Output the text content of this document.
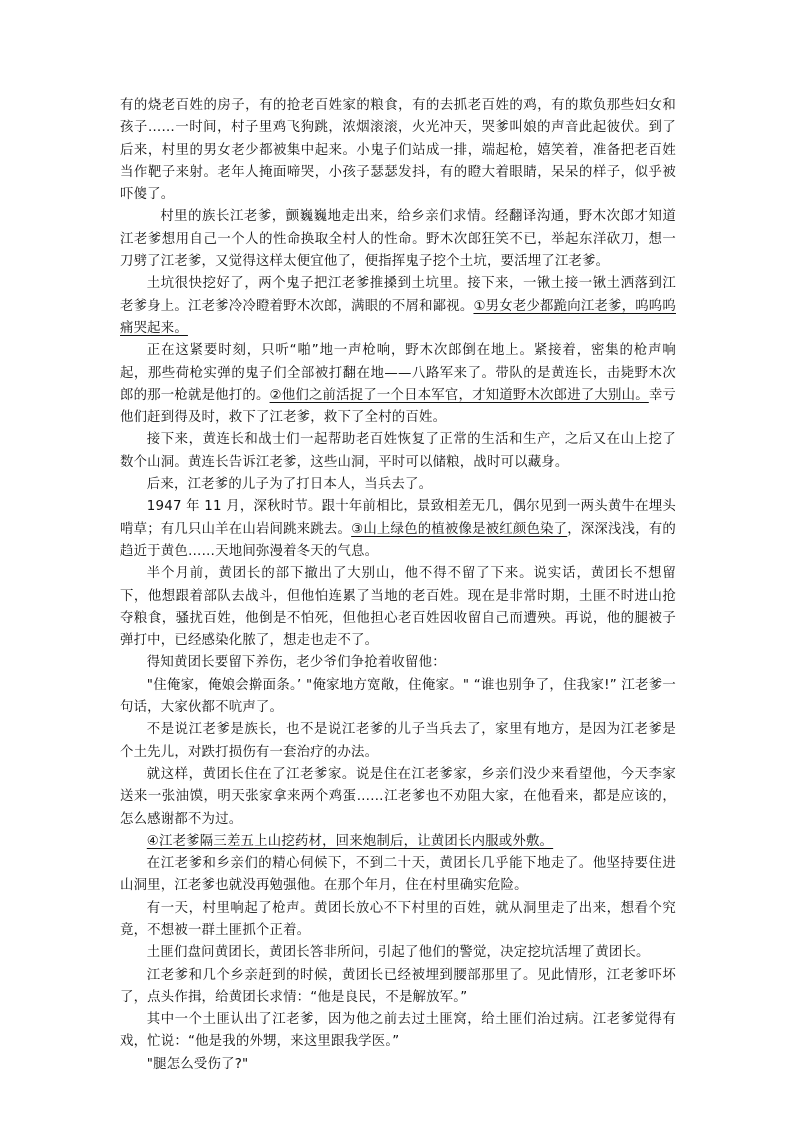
有的烧老百姓的房子，有的抢老百姓家的粮食，有的去抓老百姓的鸡，有的欺负那些妇女和孩子……一时间，村子里鸡飞狗跳，浓烟滚滚，火光冲天，哭爹叫娘的声音此起彼伏。到了后来，村里的男女老少都被集中起来。小鬼子们站成一排，端起枪，嬉笑着，准备把老百姓当作靶子来射。老年人掩面啼哭，小孩子瑟瑟发抖，有的瞪大着眼睛，呆呆的样子，似乎被吓傻了。

村里的族长江老爹，颤巍巍地走出来，给乡亲们求情。经翻译沟通，野木次郎才知道江老爹想用自己一个人的性命换取全村人的性命。野木次郎狂笑不已，举起东洋砍刀，想一刀劈了江老爹，又觉得这样太便宜他了，便指挥鬼子挖个土坑，要活埋了江老爹。

土坑很快挖好了，两个鬼子把江老爹推搡到土坑里。接下来，一锹土接一锹土洒落到江老爹身上。江老爹冷冷瞪着野木次郎，满眼的不屑和鄙视。①男女老少都跪向江老爹，呜呜呜痛哭起来。

正在这紧要时刻，只听“啪”地一声枪响，野木次郎倒在地上。紧接着，密集的枪声响起，那些荷枪实弹的鬼子们全部被打翻在地——八路军来了。带队的是黄连长，击毙野木次郎的那一枪就是他打的。②他们之前活捉了一个日本军官，才知道野木次郎进了大别山。幸亏他们赶到得及时，救下了江老爹，救下了全村的百姓。

接下来，黄连长和战士们一起帮助老百姓恢复了正常的生活和生产，之后又在山上挖了数个山洞。黄连长告诉江老爹，这些山洞，平时可以储粮，战时可以藏身。

后来，江老爹的儿子为了打日本人，当兵去了。

1947 年 11 月，深秋时节。跟十年前相比，景致相差无几，偶尔见到一两头黄牛在埋头啃草；有几只山羊在山岩间跳来跳去。③山上绿色的植被像是被红颜色染了，深深浅浅，有的趋近于黄色……天地间弥漫着冬天的气息。

半个月前，黄团长的部下撤出了大别山，他不得不留了下来。说实话，黄团长不想留下，他想跟着部队去战斗，但他怕连累了当地的老百姓。现在是非常时期，土匪不时进山抢夺粮食，骚扰百姓，他倒是不怕死，但他担心老百姓因收留自己而遭殃。再说，他的腿被子弹打中，已经感染化脓了，想走也走不了。

得知黄团长要留下养伤，老少爷们争抢着收留他：

"住俺家，俺娘会擀面条。’ "俺家地方宽敞，住俺家。" “谁也别争了，住我家!” 江老爹一句话，大家伙都不吭声了。

不是说江老爹是族长，也不是说江老爹的儿子当兵去了，家里有地方，是因为江老爹是个土先儿，对跌打损伤有一套治疗的办法。

就这样，黄团长住在了江老爹家。说是住在江老爹家，乡亲们没少来看望他，今天李家送来一张油馍，明天张家拿来两个鸡蛋……江老爹也不劝阻大家，在他看来，都是应该的，怎么感谢都不为过。

④江老爹隔三差五上山挖药材，回来炮制后，让黄团长内服或外敷。

在江老爹和乡亲们的精心伺候下，不到二十天，黄团长几乎能下地走了。他坚持要住进山洞里，江老爹也就没再勉强他。在那个年月，住在村里确实危险。

有一天，村里响起了枪声。黄团长放心不下村里的百姓，就从洞里走了出来，想看个究竟，不想被一群土匪抓个正着。

土匪们盘问黄团长，黄团长答非所问，引起了他们的警觉，决定挖坑活埋了黄团长。

江老爹和几个乡亲赶到的时候，黄团长已经被埋到腰部那里了。见此情形，江老爹吓坏了，点头作揖，给黄团长求情：“他是良民，不是解放军。”

其中一个土匪认出了江老爹，因为他之前去过土匪窝，给土匪们治过病。江老爹觉得有戏，忙说：“他是我的外甥，来这里跟我学医。”

"腿怎么受伤了?"
